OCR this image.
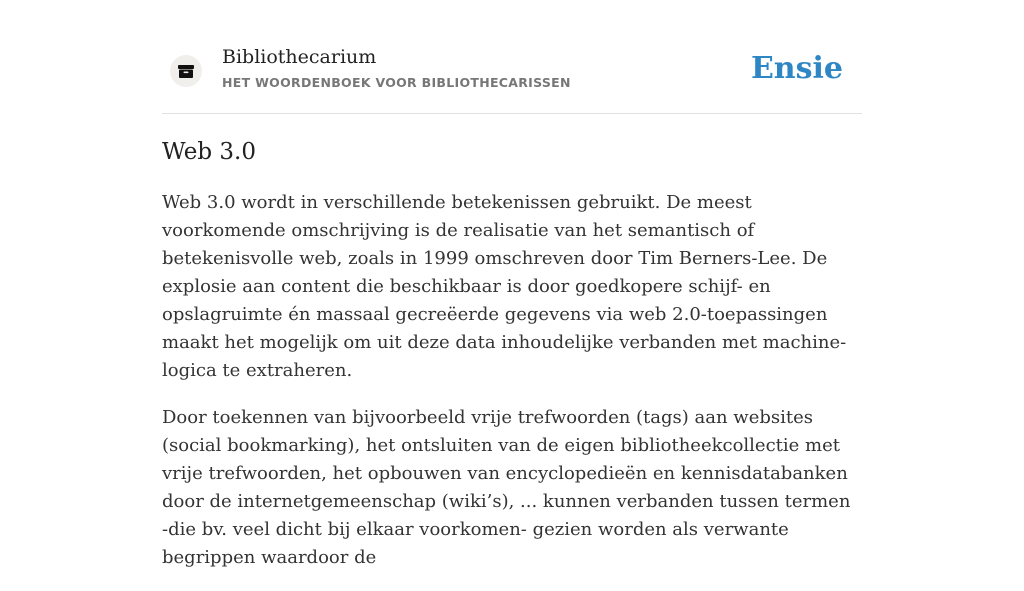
Bibliothecarium
HET WOORDENBOEK VOOR BIBLIOTHECARISSEN	Ensie
Web 3.0

Web 3.0 wordt in verschillende betekenissen gebruikt. De meest voorkomende omschrijving is de realisatie van het semantisch of betekenisvolle web, zoals in 1999 omschreven door Tim Berners-Lee. De explosie aan content die beschikbaar is door goedkopere schijf- en opslagruimte én massaal gecreëerde gegevens via web 2.0-toepassingen maakt het mogelijk om uit deze data inhoudelijke verbanden met machine-logica te extraheren.

Door toekennen van bijvoorbeeld vrije trefwoorden (tags) aan websites (social bookmarking), het ontsluiten van de eigen bibliotheekcollectie met vrije trefwoorden, het opbouwen van encyclopedieën en kennisdatabanken door de internetgemeenschap (wiki’s), ... kunnen verbanden tussen termen -die bv. veel dicht bij elkaar voorkomen- gezien worden als verwante begrippen waardoor de
